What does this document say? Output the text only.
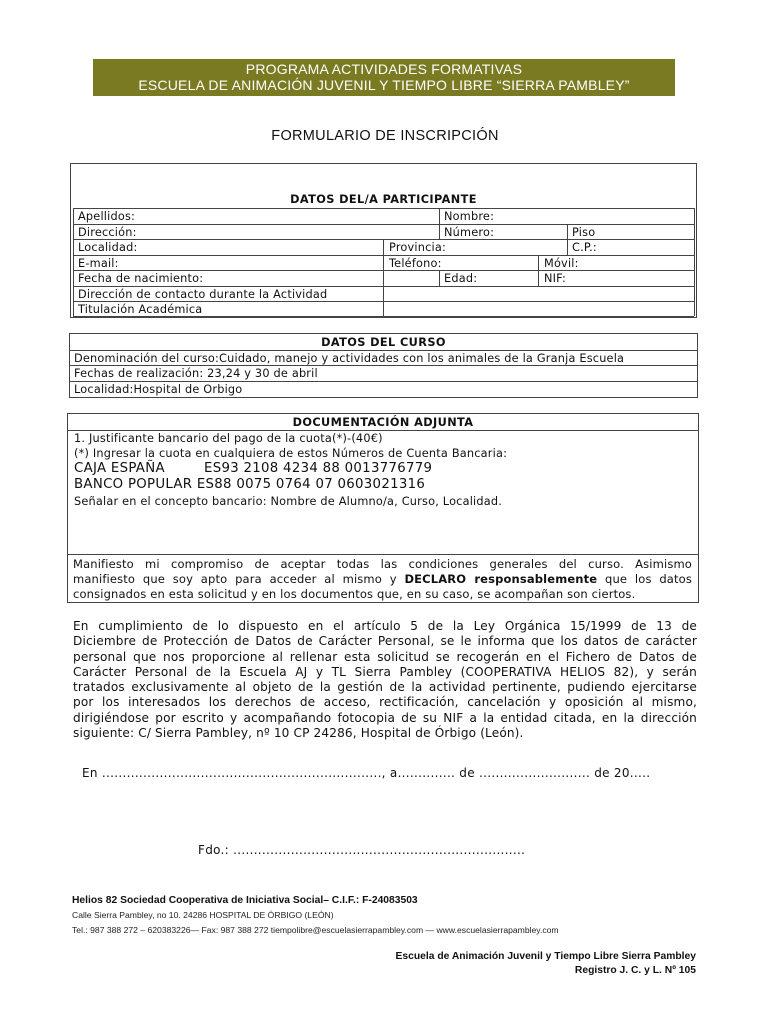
PROGRAMA ACTIVIDADES FORMATIVAS
ESCUELA DE ANIMACIÓN JUVENIL Y TIEMPO LIBRE “SIERRA PAMBLEY”
FORMULARIO DE INSCRIPCIÓN
DATOS DEL/A PARTICIPANTE
Apellidos:	Nombre:
Dirección:	Número:	Piso
Localidad:	Provincia:	C.P.:
E-mail:	Teléfono:	Móvil:
Fecha de nacimiento:	Edad:	NIF:
Dirección de contacto durante la Actividad
Titulación Académica
DATOS DEL CURSO
Denominación del curso:Cuidado, manejo y actividades con los animales de la Granja Escuela
Fechas de realización: 23,24 y 30 de abril
Localidad:Hospital de Orbigo
DOCUMENTACIÓN ADJUNTA
1. Justificante bancario del pago de la cuota(*)-(40€)
(*) Ingresar la cuota en cualquiera de estos Números de Cuenta Bancaria:
CAJA ESPAÑA	ES93 2108 4234 88 0013776779
BANCO POPULAR ES88 0075 0764 07 0603021316
Señalar en el concepto bancario: Nombre de Alumno/a, Curso, Localidad.
Manifiesto mi compromiso de aceptar todas las condiciones generales del curso. Asimismo
manifiesto que soy apto para acceder al mismo y DECLARO responsablemente que los datos
consignados en esta solicitud y en los documentos que, en su caso, se acompañan son ciertos.
En cumplimiento de lo dispuesto en el artículo 5 de la Ley Orgánica 15/1999 de 13 de
Diciembre de Protección de Datos de Carácter Personal, se le informa que los datos de carácter
personal que nos proporcione al rellenar esta solicitud se recogerán en el Fichero de Datos de
Carácter Personal de la Escuela AJ y TL Sierra Pambley (COOPERATIVA HELIOS 82), y serán
tratados exclusivamente al objeto de la gestión de la actividad pertinente, pudiendo ejercitarse
por los interesados los derechos de acceso, rectificación, cancelación y oposición al mismo,
dirigiéndose por escrito y acompañando fotocopia de su NIF a la entidad citada, en la dirección
siguiente: C/ Sierra Pambley, nº 10 CP 24286, Hospital de Órbigo (León).
En ...................................................................., a.............. de ........................... de 20.....
Fdo.: .......................................................................
Helios 82 Sociedad Cooperativa de Iniciativa Social– C.I.F.: F-24083503
Calle Sierra Pambley, no 10. 24286 HOSPITAL DE ÓRBIGO (LEÓN)
Tel.: 987 388 272 – 620383226— Fax: 987 388 272 tiempolibre@escuelasierrapambley.com — www.escuelasierrapambley.com
Escuela de Animación Juvenil y Tiempo Libre Sierra Pambley
Registro J. C. y L. Nº 105
